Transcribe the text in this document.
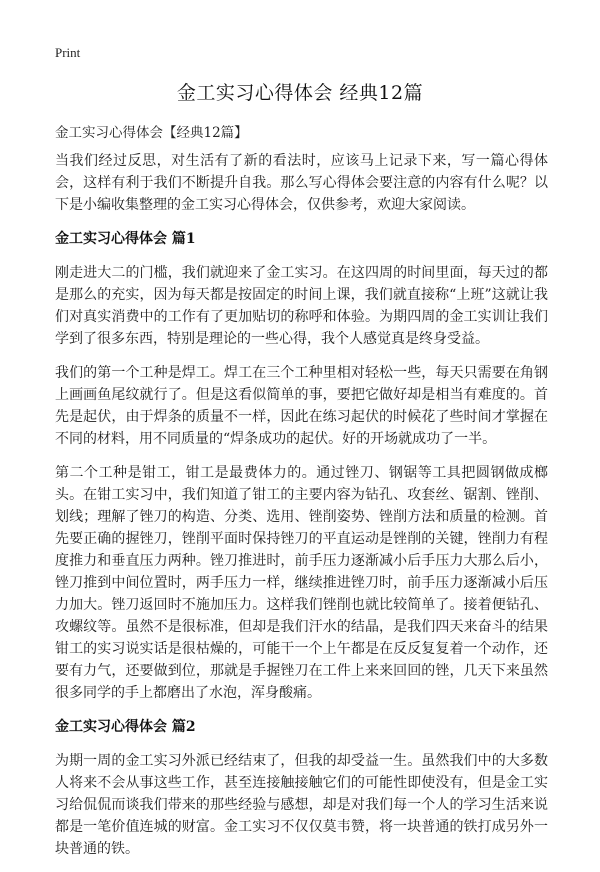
Print
金工实习心得体会 经典12篇

金工实习心得体会【经典12篇】

当我们经过反思，对生活有了新的看法时，应该马上记录下来，写一篇心得体会，这样有利于我们不断提升自我。那么写心得体会要注意的内容有什么呢？以下是小编收集整理的金工实习心得体会，仅供参考，欢迎大家阅读。

金工实习心得体会 篇1

刚走进大二的门槛，我们就迎来了金工实习。在这四周的时间里面，每天过的都是那么的充实，因为每天都是按固定的时间上课，我们就直接称“上班”这就让我们对真实消费中的工作有了更加贴切的称呼和体验。为期四周的金工实训让我们学到了很多东西，特别是理论的一些心得，我个人感觉真是终身受益。

我们的第一个工种是焊工。焊工在三个工种里相对轻松一些，每天只需要在角钢上画画鱼尾纹就行了。但是这看似简单的事，要把它做好却是相当有难度的。首先是起伏，由于焊条的质量不一样，因此在练习起伏的时候花了些时间才掌握在不同的材料，用不同质量的“焊条成功的起伏。好的开场就成功了一半。

第二个工种是钳工，钳工是最费体力的。通过锉刀、钢锯等工具把圆钢做成榔头。在钳工实习中，我们知道了钳工的主要内容为钻孔、攻套丝、锯割、锉削、划线；理解了锉刀的构造、分类、选用、锉削姿势、锉削方法和质量的检测。首先要正确的握锉刀，锉削平面时保持锉刀的平直运动是锉削的关键，锉削力有程度推力和垂直压力两种。锉刀推进时，前手压力逐渐减小后手压力大那么后小，锉刀推到中间位置时，两手压力一样，继续推进锉刀时，前手压力逐渐减小后压力加大。锉刀返回时不施加压力。这样我们锉削也就比较简单了。接着便钻孔、攻螺纹等。虽然不是很标准，但却是我们汗水的结晶，是我们四天来奋斗的结果钳工的实习说实话是很枯燥的，可能干一个上午都是在反反复复着一个动作，还要有力气，还要做到位，那就是手握锉刀在工件上来来回回的锉，几天下来虽然很多同学的手上都磨出了水泡，浑身酸痛。

金工实习心得体会 篇2

为期一周的金工实习外派已经结束了，但我的却受益一生。虽然我们中的大多数人将来不会从事这些工作，甚至连接触接触它们的可能性即使没有，但是金工实习给侃侃而谈我们带来的那些经验与感想，却是对我们每一个人的学习生活来说都是一笔价值连城的财富。金工实习不仅仅莫韦赞，将一块普通的铁打成另外一块普通的铁。
